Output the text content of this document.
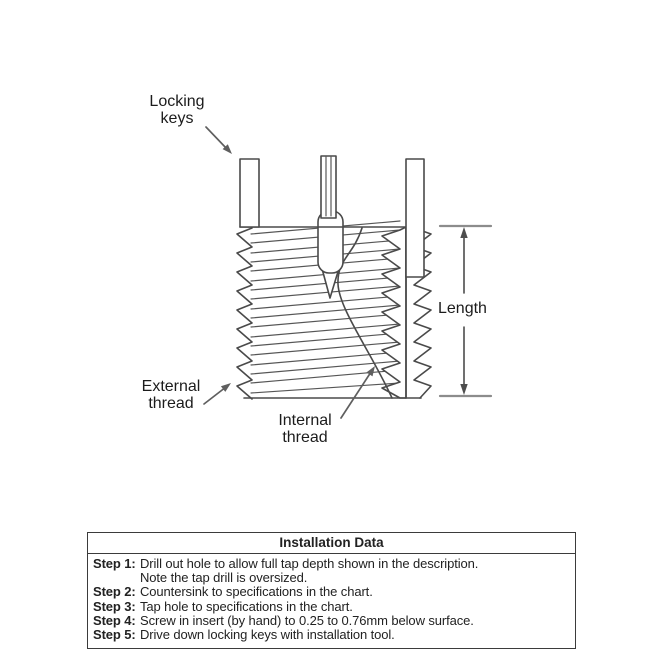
Locking keys
Length
External thread
Internal thread
Installation Data
Step 1: Drill out hole to allow full tap depth shown in the description.
Note the tap drill is oversized.
Step 2: Countersink to specifications in the chart.
Step 3: Tap hole to specifications in the chart.
Step 4: Screw in insert (by hand) to 0.25 to 0.76mm below surface.
Step 5: Drive down locking keys with installation tool.
